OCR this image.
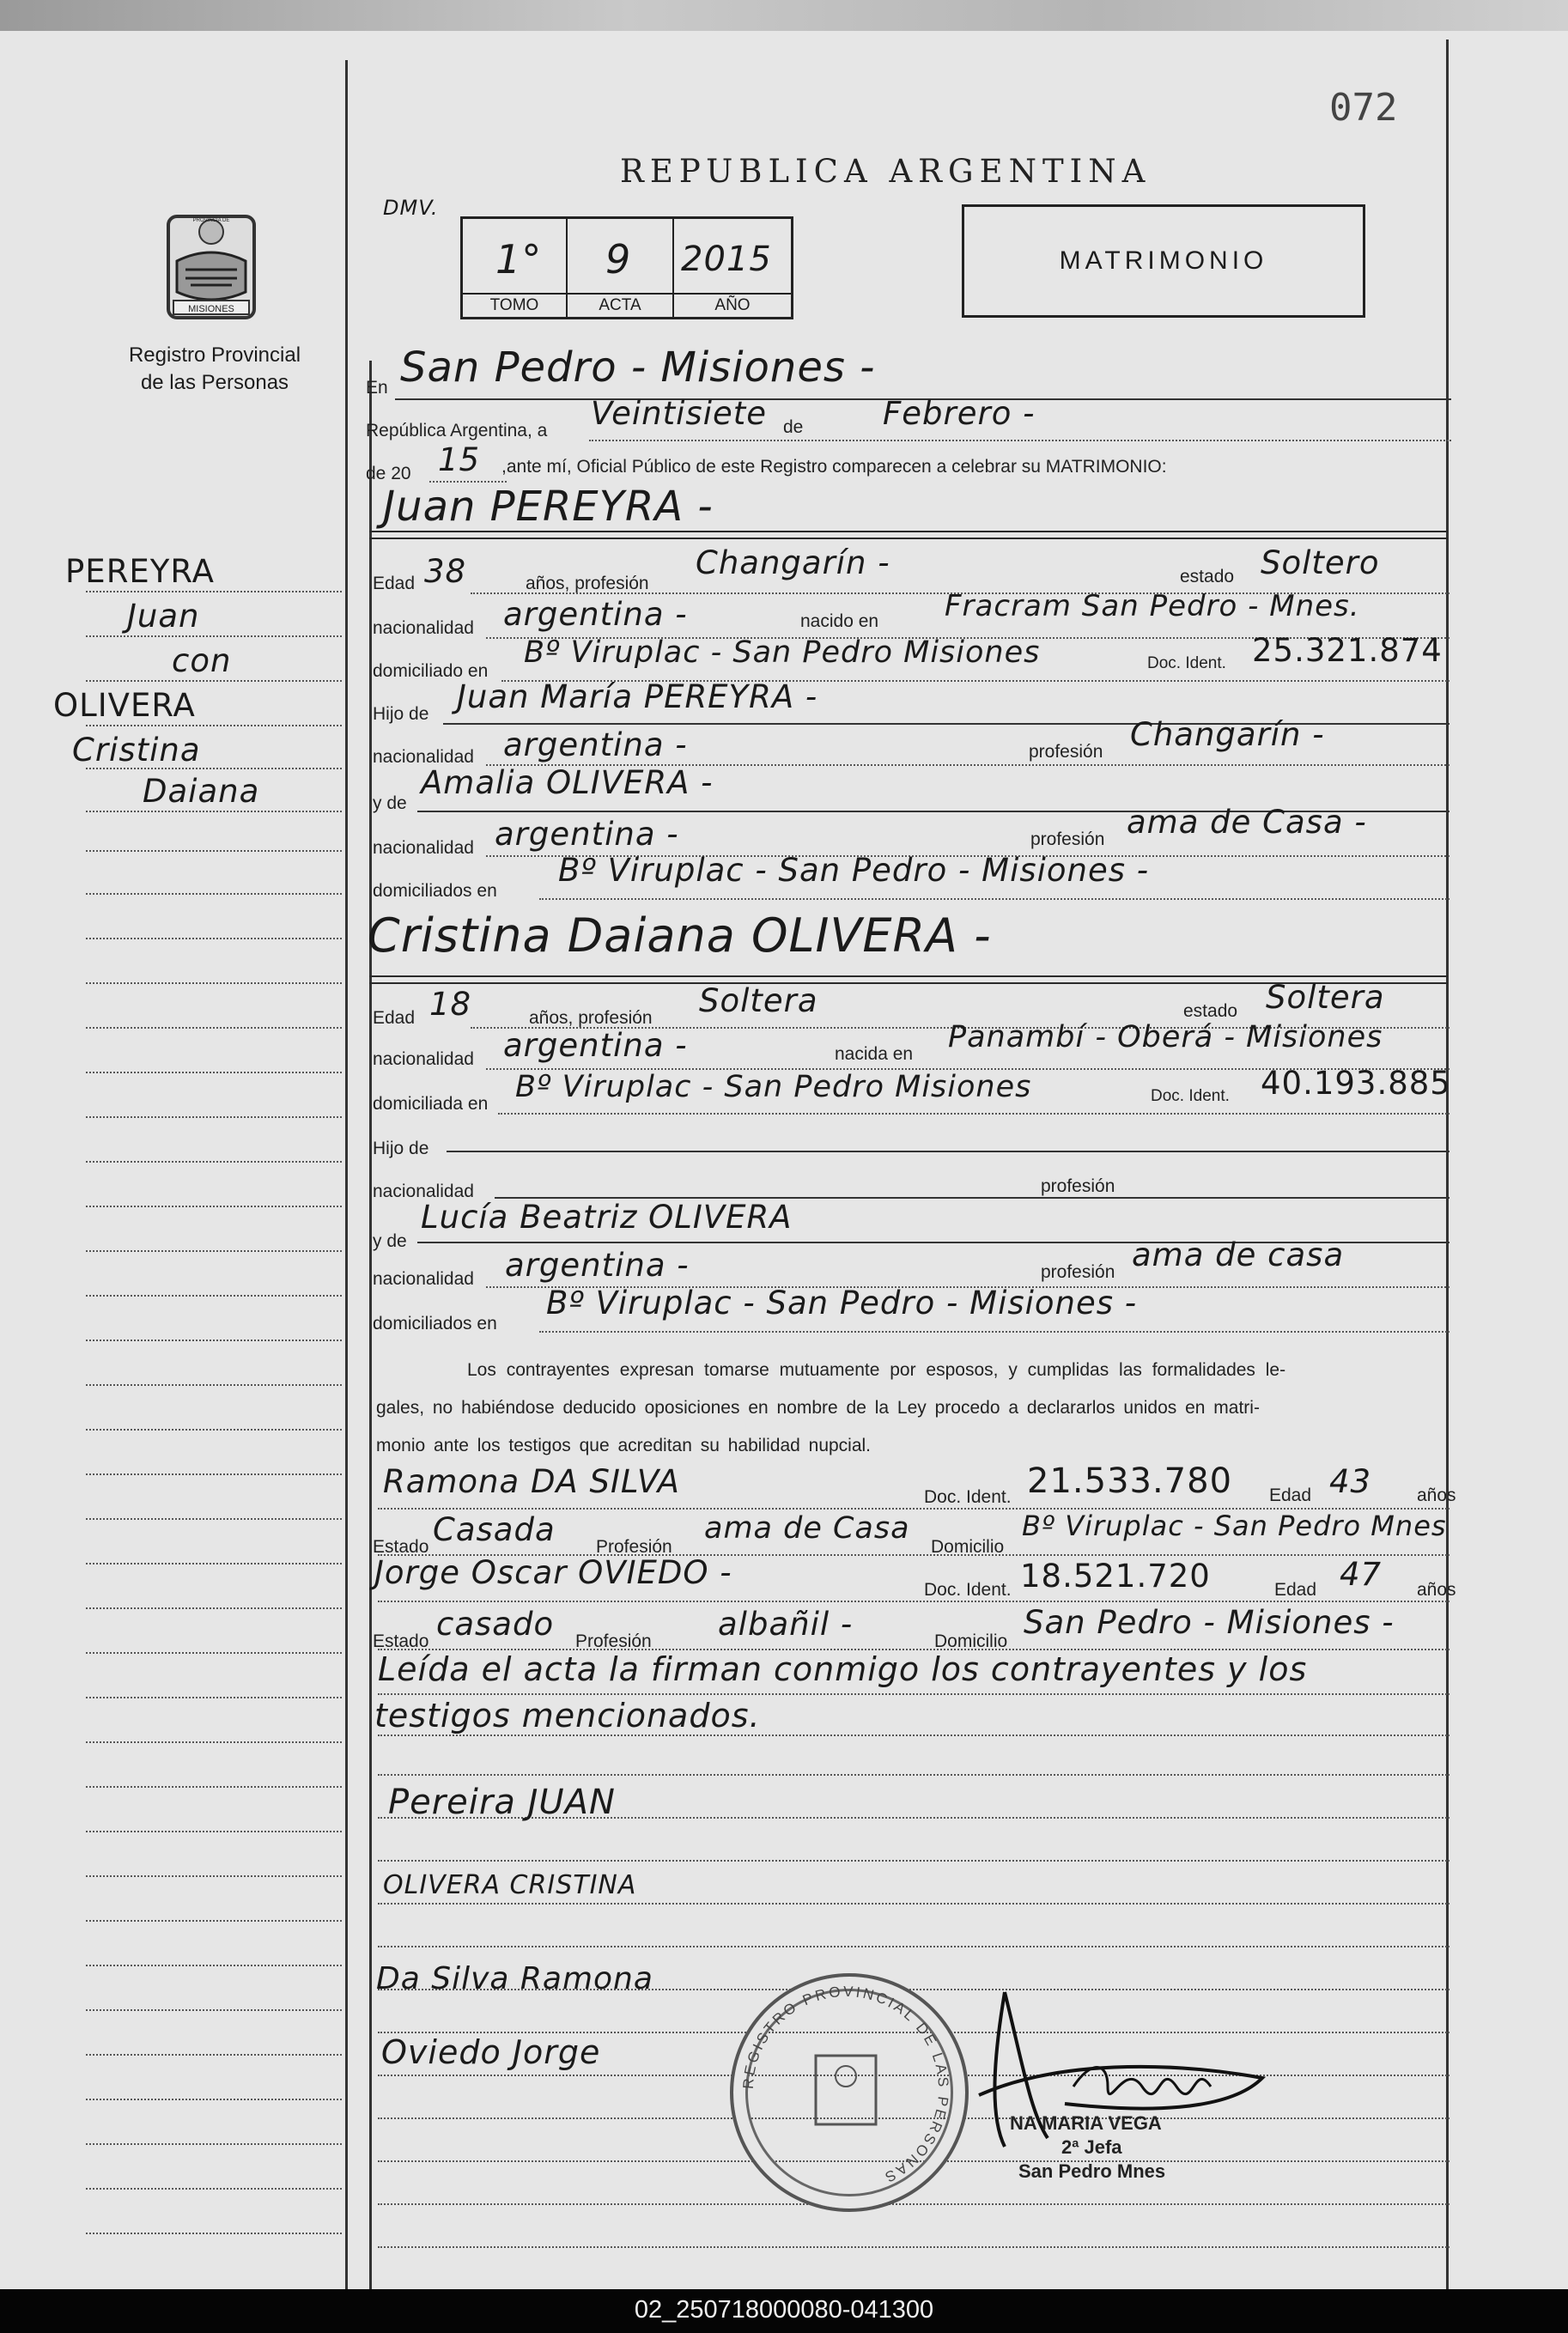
072
REPUBLICA ARGENTINA
DMV.
1°
TOMO
9
ACTA
2015
AÑO
MATRIMONIO
MISIONES
PROVINCIA DE
Registro Provincial
de las Personas
PEREYRA
Juan
con
OLIVERA
Cristina
Daiana
En San Pedro - Misiones -
República Argentina, a Veintisiete de	Febrero -
de 20 15 ,ante mí, Oficial Público de este Registro comparecen a celebrar su MATRIMONIO:
Juan PEREYRA -
Edad 38	años, profesión
Changarín -	estado Soltero
nacionalidad argentina -	nacido en Fracram San Pedro - Mnes.
domiciliado en
Bº Viruplac - San Pedro Misiones	Doc. Ident. 25.321.874
Hijo de Juan María PEREYRA -
nacionalidad argentina -	profesión Changarín -
y de
Amalia OLIVERA -
nacionalidad argentina -	profesión ama de Casa -
domiciliados en
Bº Viruplac - San Pedro - Misiones -
Cristina Daiana OLIVERA -
Edad 18	años, profesión Soltera	estado Soltera
nacionalidad argentina -	nacida en Panambí - Oberá - Misiones
domiciliada en Bº Viruplac - San Pedro Misiones	Doc. Ident. 40.193.885
Hijo de
nacionalidad	profesión
y de
Lucía Beatriz OLIVERA
nacionalidad argentina -	profesión ama de casa
domiciliados en
Bº Viruplac - San Pedro - Misiones -
Los contrayentes expresan tomarse mutuamente por esposos, y cumplidas las formalidades le-
gales, no habiéndose deducido oposiciones en nombre de la Ley procedo a declararlos unidos en matri-
monio ante los testigos que acreditan su habilidad nupcial.
Ramona DA SILVA	Doc. Ident. 21.533.780 Edad 43	años
Estado Casada Profesión
ama de Casa
Domicilio
Bº Viruplac - San Pedro Mnes
Jorge Oscar OVIEDO -	Doc. Ident. 18.521.720	Edad 47 años
Estado casado Profesión albañil -	Domicilio
San Pedro - Misiones -
Leída el acta la firman conmigo los contrayentes y los
testigos mencionados.
Pereira JUAN
OLIVERA CRISTINA
Da Silva Ramona
Oviedo Jorge
REGISTRO PROVINCIAL DE LAS PERSONAS
NA MARIA VEGA
2ª Jefa
San Pedro Mnes
02_250718000080-041300
